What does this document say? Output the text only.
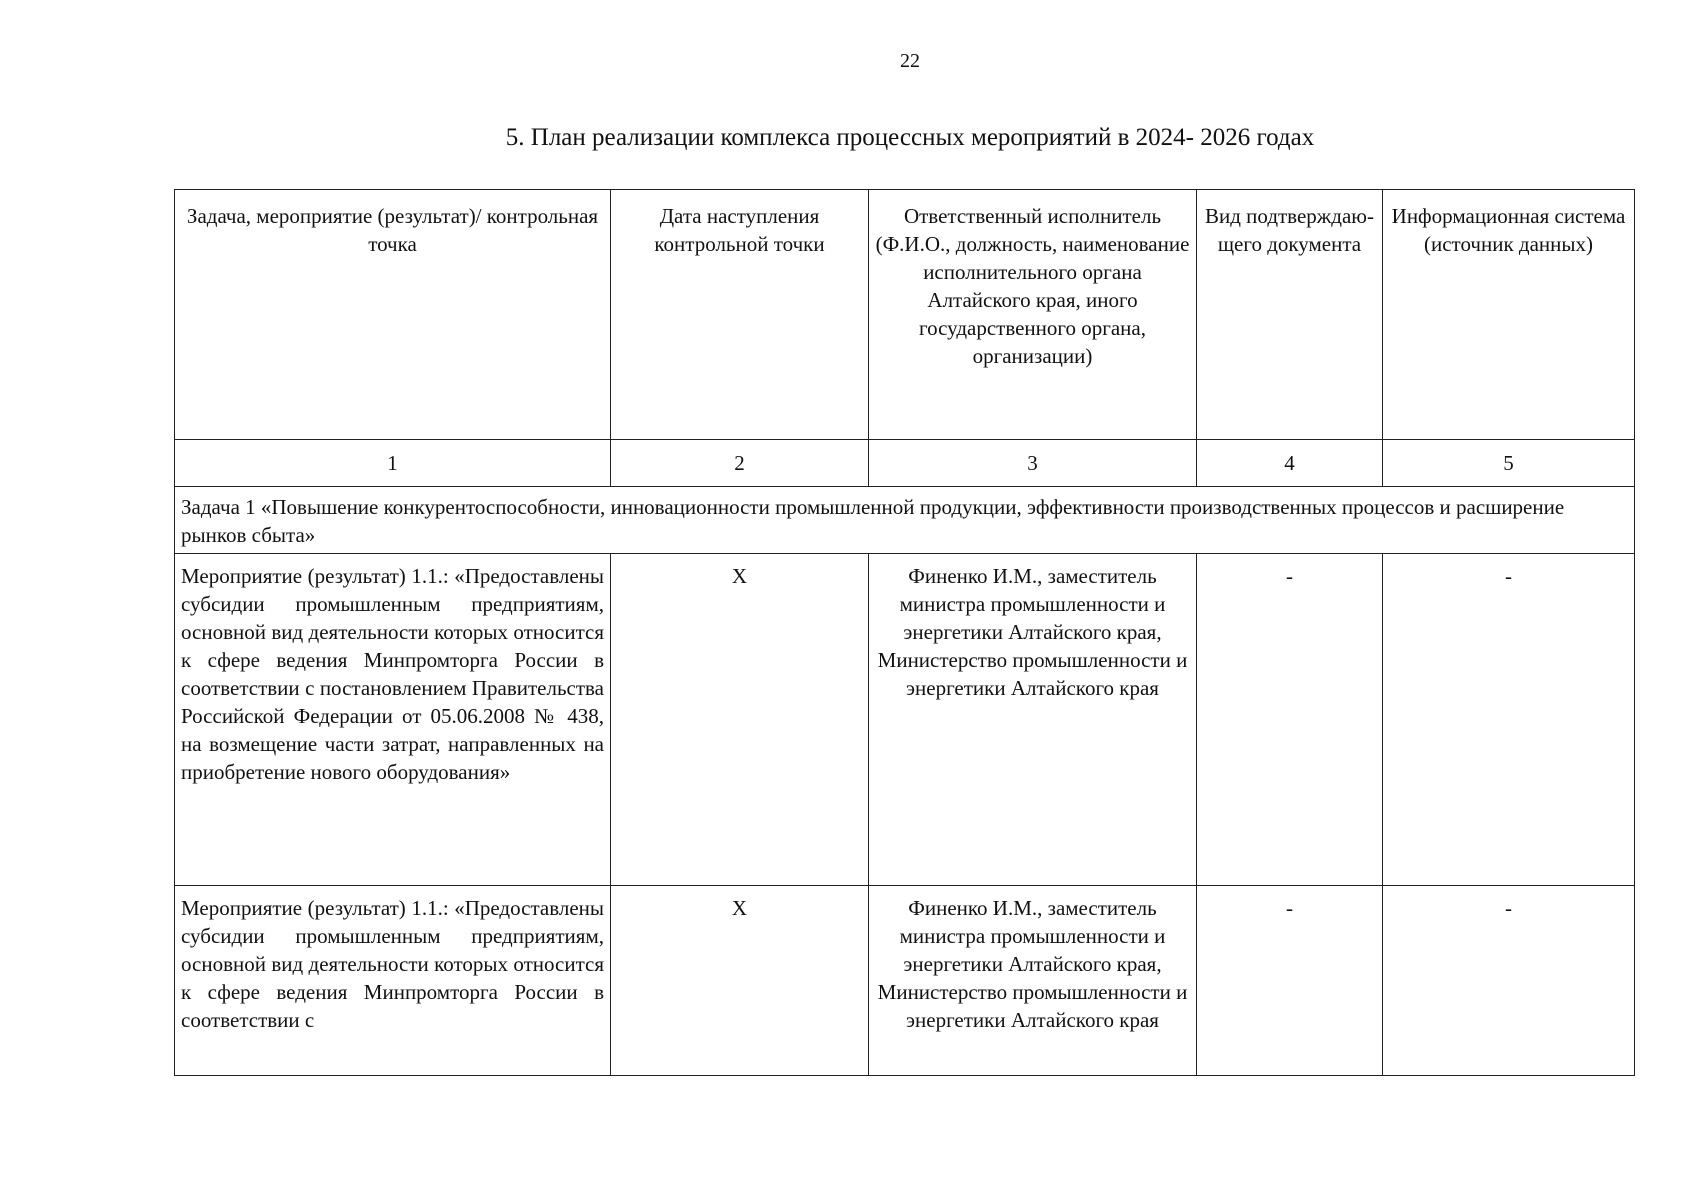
22
5. План реализации комплекса процессных мероприятий в 2024- 2026 годах
Задача, мероприятие (результат)/ контрольная точка	Дата наступления контрольной точки	Ответственный исполнитель (Ф.И.О., должность, наименование исполнительного органа Алтайского края, иного государственного органа, организации)	Вид подтверждаю-щего документа	Информационная система (источник данных)
1	2	3	4	5
Задача 1 «Повышение конкурентоспособности, инновационности промышленной продукции, эффективности производственных процессов и расширение рынков сбыта»				
Мероприятие (результат) 1.1.: «Предоставлены субсидии промышленным предприятиям, основной вид деятельности которых относится к сфере ведения Минпромторга России в соответствии с постановлением Правительства Российской Федерации от 05.06.2008 № 438, на возмещение части затрат, направленных на приобретение нового оборудования»	X	Финенко И.М., заместитель министра промышленности и энергетики Алтайского края, Министерство промышленности и энергетики Алтайского края	-	-
Мероприятие (результат) 1.1.: «Предоставлены субсидии промышленным предприятиям, основной вид деятельности которых относится к сфере ведения Минпромторга России в соответствии с	X	Финенко И.М., заместитель министра промышленности и энергетики Алтайского края, Министерство промышленности и энергетики Алтайского края	-	-
